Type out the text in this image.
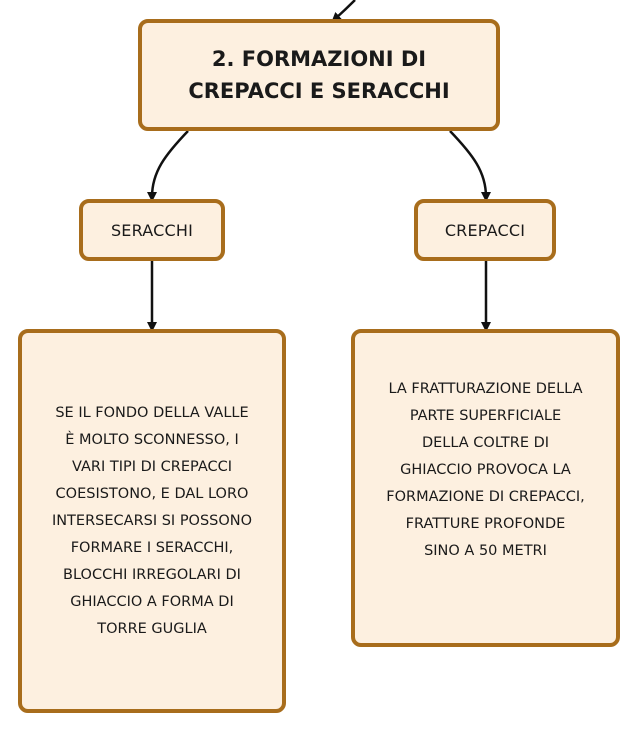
2. FORMAZIONI DI
CREPACCI E SERACCHI
SERACCHI	CREPACCI
SE IL FONDO DELLA VALLE
È MOLTO SCONNESSO, I
VARI TIPI DI CREPACCI
COESISTONO, E DAL LORO
INTERSECARSI SI POSSONO
FORMARE I SERACCHI,
BLOCCHI IRREGOLARI DI
GHIACCIO A FORMA DI
TORRE GUGLIA
LA FRATTURAZIONE DELLA
PARTE SUPERFICIALE
DELLA COLTRE DI
GHIACCIO PROVOCA LA
FORMAZIONE DI CREPACCI,
FRATTURE PROFONDE
SINO A 50 METRI
